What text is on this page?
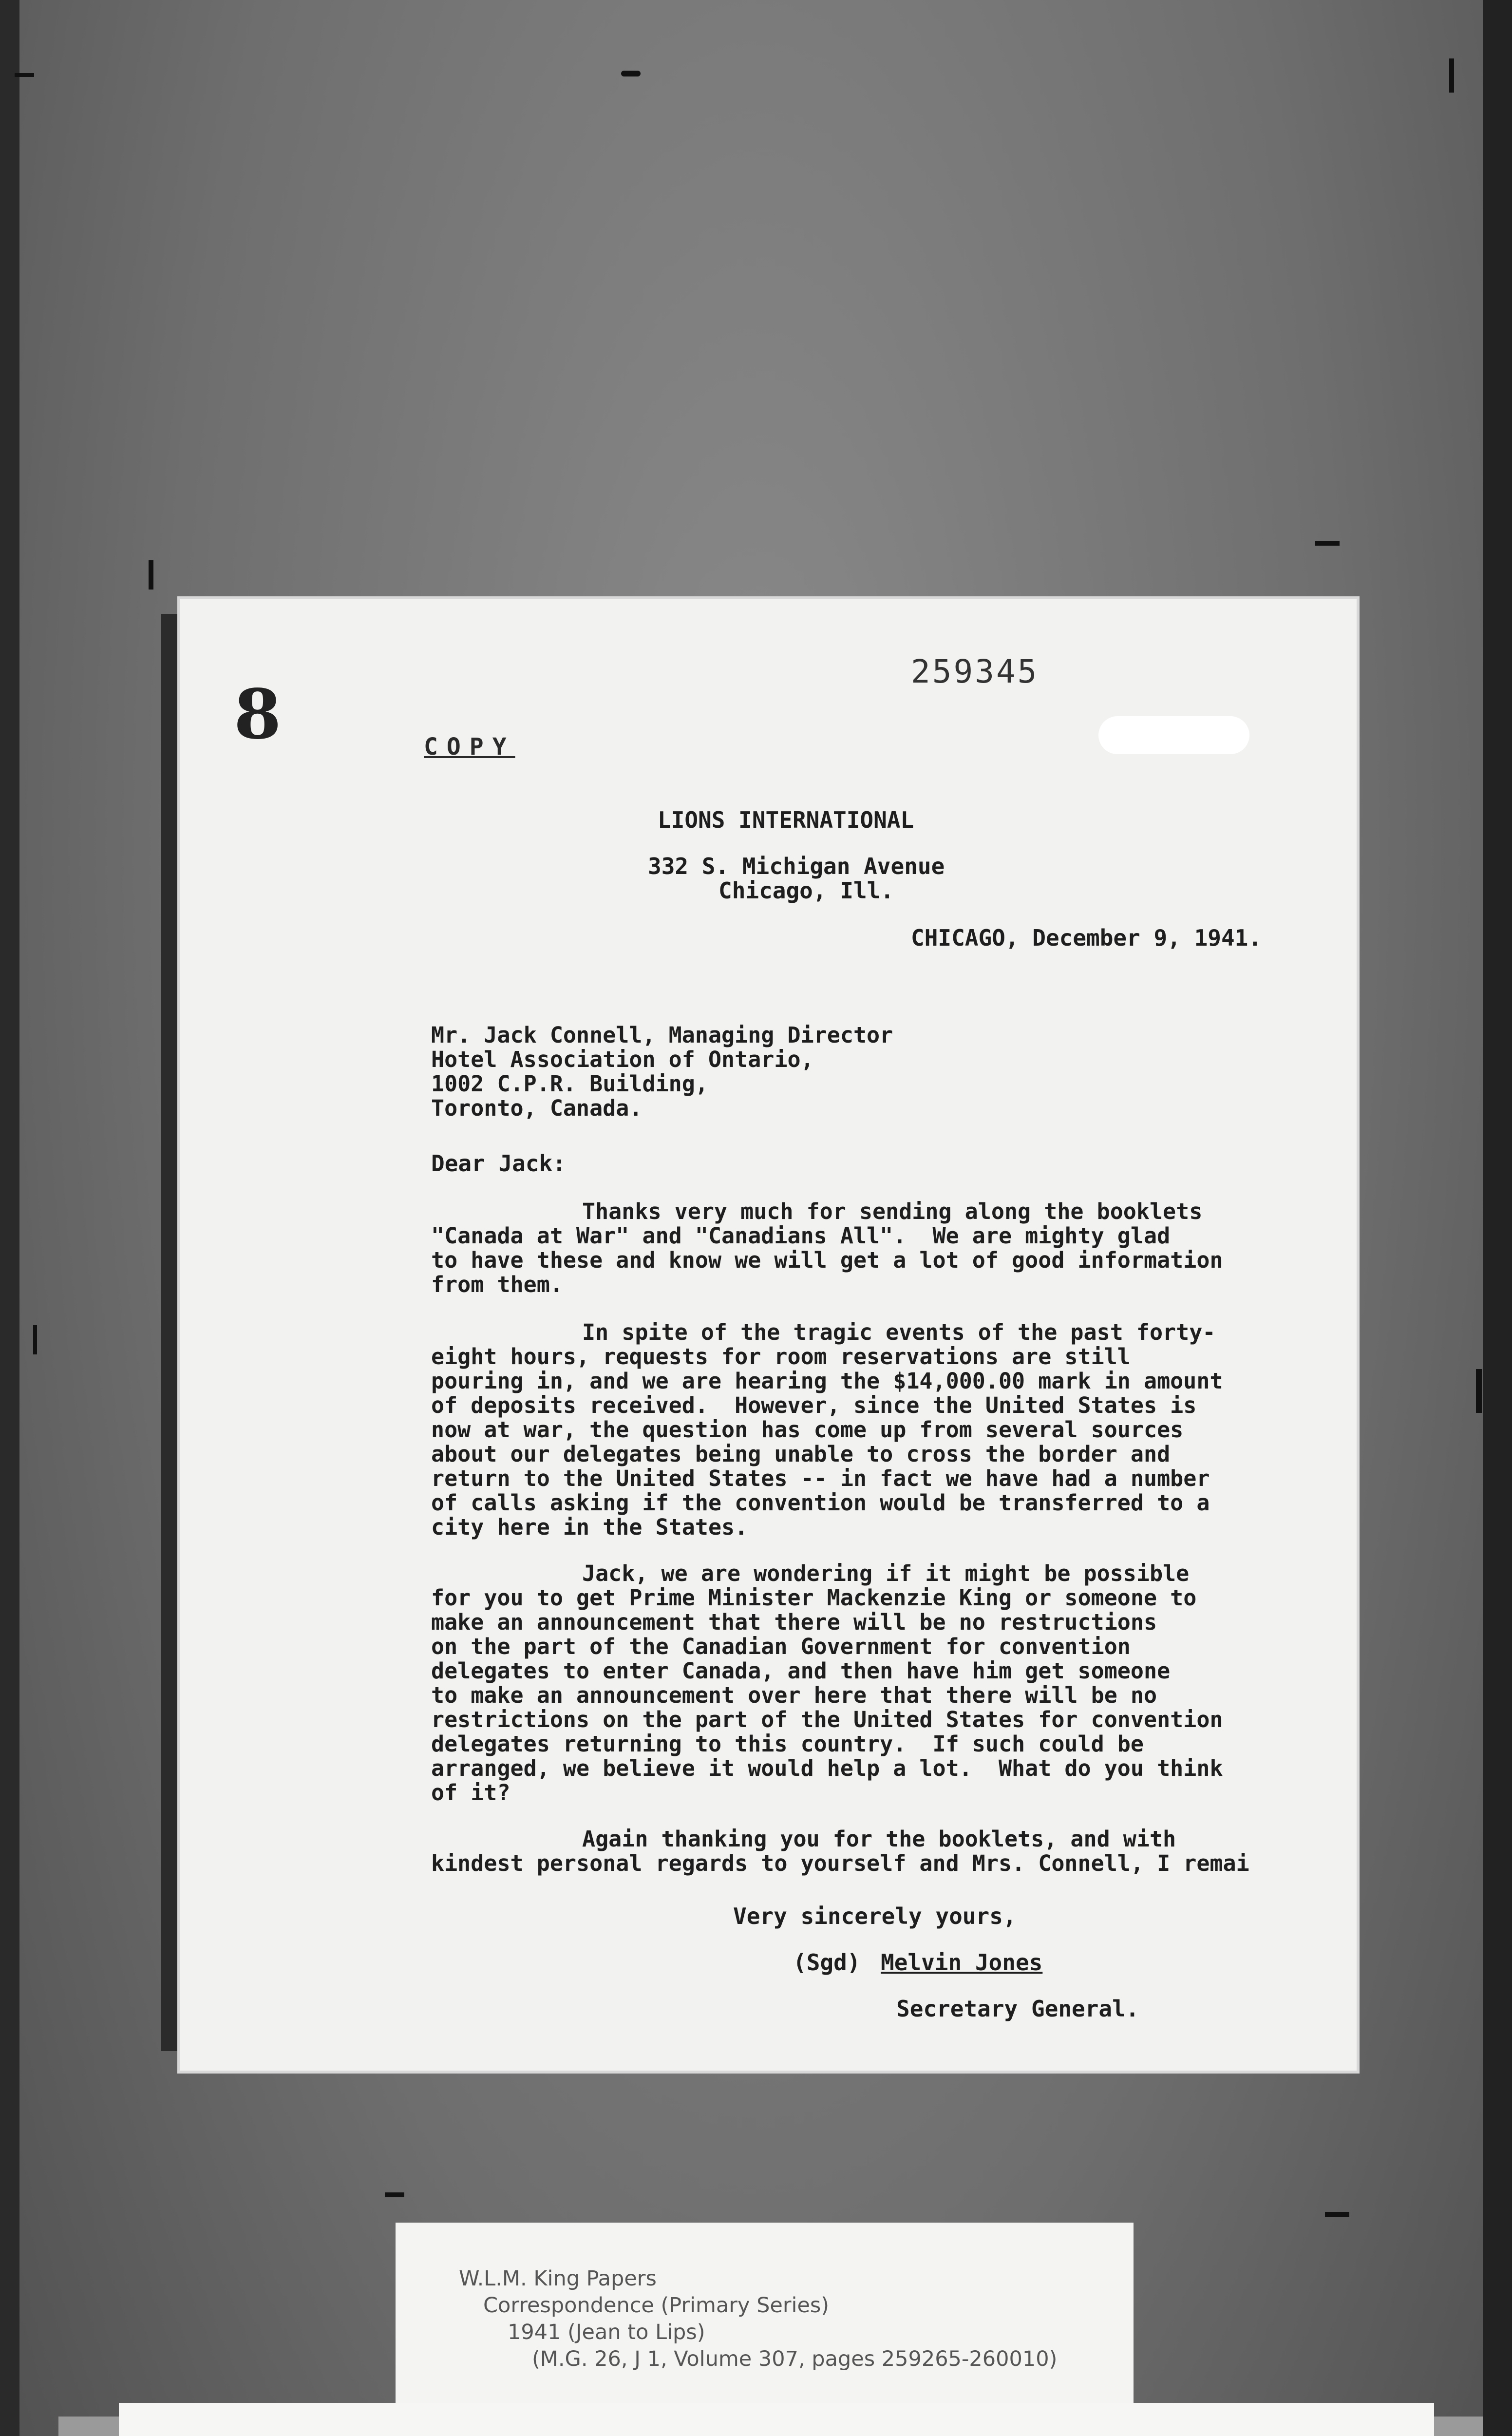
8
259345
COPY
LIONS INTERNATIONAL
332 S. Michigan Avenue
Chicago, Ill.
CHICAGO, December 9, 1941.
Mr. Jack Connell, Managing Director
Hotel Association of Ontario,
1002 C.P.R. Building,
Toronto, Canada.
Dear Jack:
Thanks very much for sending along the booklets
"Canada at War" and "Canadians All".  We are mighty glad
to have these and know we will get a lot of good information
from them.
In spite of the tragic events of the past forty-
eight hours, requests for room reservations are still
pouring in, and we are hearing the $14,000.00 mark in amount
of deposits received.  However, since the United States is
now at war, the question has come up from several sources
about our delegates being unable to cross the border and
return to the United States -- in fact we have had a number
of calls asking if the convention would be transferred to a
city here in the States.
Jack, we are wondering if it might be possible
for you to get Prime Minister Mackenzie King or someone to
make an announcement that there will be no restructions
on the part of the Canadian Government for convention
delegates to enter Canada, and then have him get someone
to make an announcement over here that there will be no
restrictions on the part of the United States for convention
delegates returning to this country.  If such could be
arranged, we believe it would help a lot.  What do you think
of it?
Again thanking you for the booklets, and with
kindest personal regards to yourself and Mrs. Connell, I remai
Very sincerely yours,
(Sgd) Melvin Jones
Secretary General.
W.L.M. King Papers
Correspondence (Primary Series)
1941 (Jean to Lips)
(M.G. 26, J 1, Volume 307, pages 259265-260010)
